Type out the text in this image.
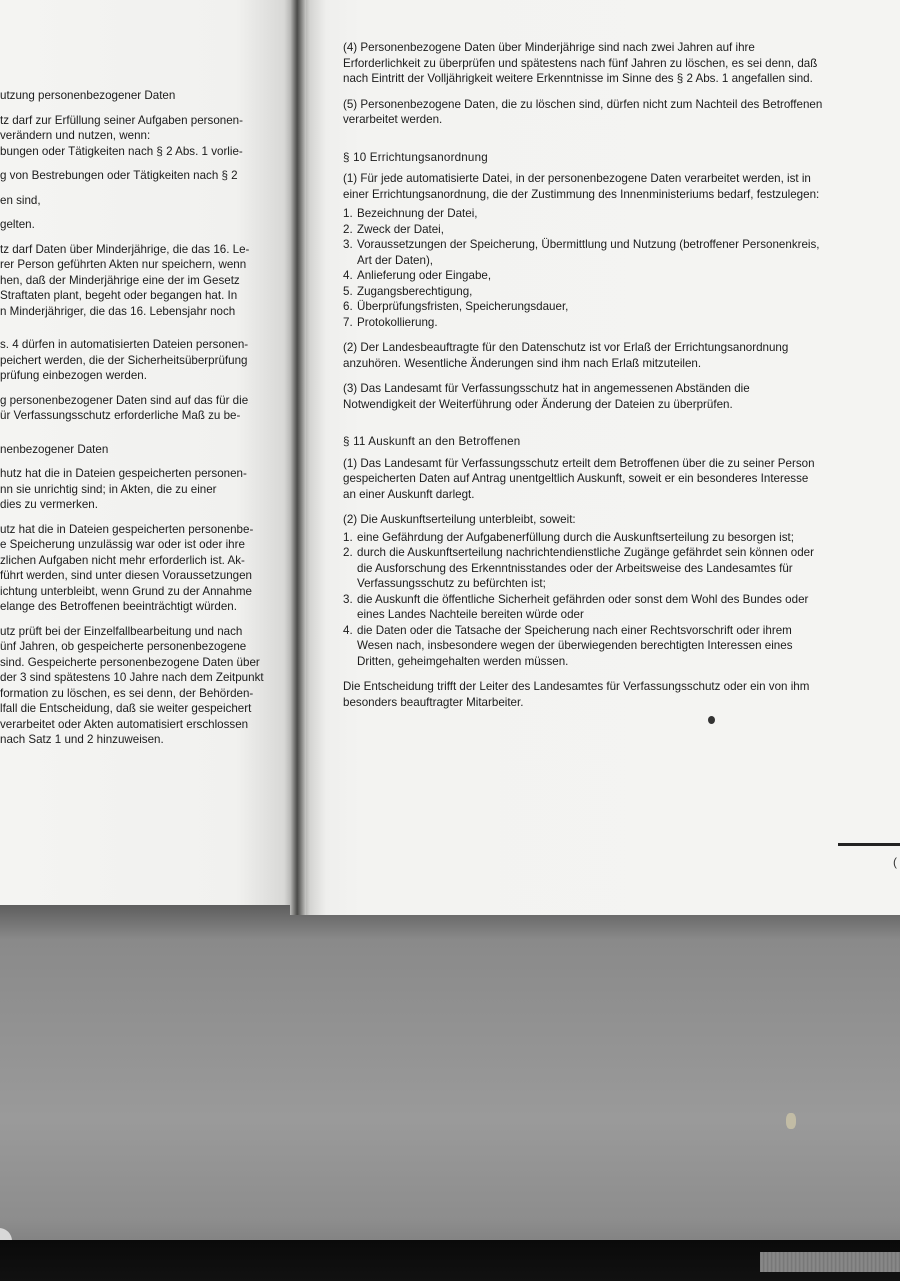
utzung personenbezogener Daten

tz darf zur Erfüllung seiner Aufgaben personen-

verändern und nutzen, wenn:

bungen oder Tätigkeiten nach § 2 Abs. 1 vorlie-

g von Bestrebungen oder Tätigkeiten nach § 2

en sind,

gelten.

tz darf Daten über Minderjährige, die das 16. Le-

rer Person geführten Akten nur speichern, wenn

hen, daß der Minderjährige eine der im Gesetz

Straftaten plant, begeht oder begangen hat. In

n Minderjähriger, die das 16. Lebensjahr noch

s. 4 dürfen in automatisierten Dateien personen-

peichert werden, die der Sicherheitsüberprüfung

prüfung einbezogen werden.

g personenbezogener Daten sind auf das für die

ür Verfassungsschutz erforderliche Maß zu be-

nenbezogener Daten

hutz hat die in Dateien gespeicherten personen-

nn sie unrichtig sind; in Akten, die zu einer

dies zu vermerken.

utz hat die in Dateien gespeicherten personenbe-

e Speicherung unzulässig war oder ist oder ihre

zlichen Aufgaben nicht mehr erforderlich ist. Ak-

führt werden, sind unter diesen Voraussetzungen

ichtung unterbleibt, wenn Grund zu der Annahme

elange des Betroffenen beeinträchtigt würden.

utz prüft bei der Einzelfallbearbeitung und nach

ünf Jahren, ob gespeicherte personenbezogene

sind. Gespeicherte personenbezogene Daten über

der 3 sind spätestens 10 Jahre nach dem Zeitpunkt

formation zu löschen, es sei denn, der Behörden-

lfall die Entscheidung, daß sie weiter gespeichert

verarbeitet oder Akten automatisiert erschlossen

nach Satz 1 und 2 hinzuweisen.

(4) Personenbezogene Daten über Minderjährige sind nach zwei Jahren auf ihre Erforderlichkeit zu überprüfen und spätestens nach fünf Jahren zu löschen, es sei denn, daß nach Eintritt der Volljährigkeit weitere Erkenntnisse im Sinne des § 2 Abs. 1 angefallen sind.

(5) Personenbezogene Daten, die zu löschen sind, dürfen nicht zum Nachteil des Betroffenen verarbeitet werden.

§ 10 Errichtungsanordnung

(1) Für jede automatisierte Datei, in der personenbezogene Daten verarbeitet werden, ist in einer Errichtungsanordnung, die der Zustimmung des Innenministeriums bedarf, festzulegen:

1. Bezeichnung der Datei,
2. Zweck der Datei,
3. Voraussetzungen der Speicherung, Übermittlung und Nutzung (betroffener Personenkreis, Art der Daten),
4. Anlieferung oder Eingabe,
5. Zugangsberechtigung,
6. Überprüfungsfristen, Speicherungsdauer,
7. Protokollierung.

(2) Der Landesbeauftragte für den Datenschutz ist vor Erlaß der Errichtungsanordnung anzuhören. Wesentliche Änderungen sind ihm nach Erlaß mitzuteilen.

(3) Das Landesamt für Verfassungsschutz hat in angemessenen Abständen die Notwendigkeit der Weiterführung oder Änderung der Dateien zu überprüfen.

§ 11 Auskunft an den Betroffenen

(1) Das Landesamt für Verfassungsschutz erteilt dem Betroffenen über die zu seiner Person gespeicherten Daten auf Antrag unentgeltlich Auskunft, soweit er ein besonderes Interesse an einer Auskunft darlegt.

(2) Die Auskunftserteilung unterbleibt, soweit:

1. eine Gefährdung der Aufgabenerfüllung durch die Auskunftserteilung zu besorgen ist;
2. durch die Auskunftserteilung nachrichtendienstliche Zugänge gefährdet sein können oder die Ausforschung des Erkenntnisstandes oder der Arbeitsweise des Landesamtes für Verfassungsschutz zu befürchten ist;
3. die Auskunft die öffentliche Sicherheit gefährden oder sonst dem Wohl des Bundes oder eines Landes Nachteile bereiten würde oder
4. die Daten oder die Tatsache der Speicherung nach einer Rechtsvorschrift oder ihrem Wesen nach, insbesondere wegen der überwiegenden berechtigten Interessen eines Dritten, geheimgehalten werden müssen.

Die Entscheidung trifft der Leiter des Landesamtes für Verfassungsschutz oder ein von ihm besonders beauftragter Mitarbeiter.

(
